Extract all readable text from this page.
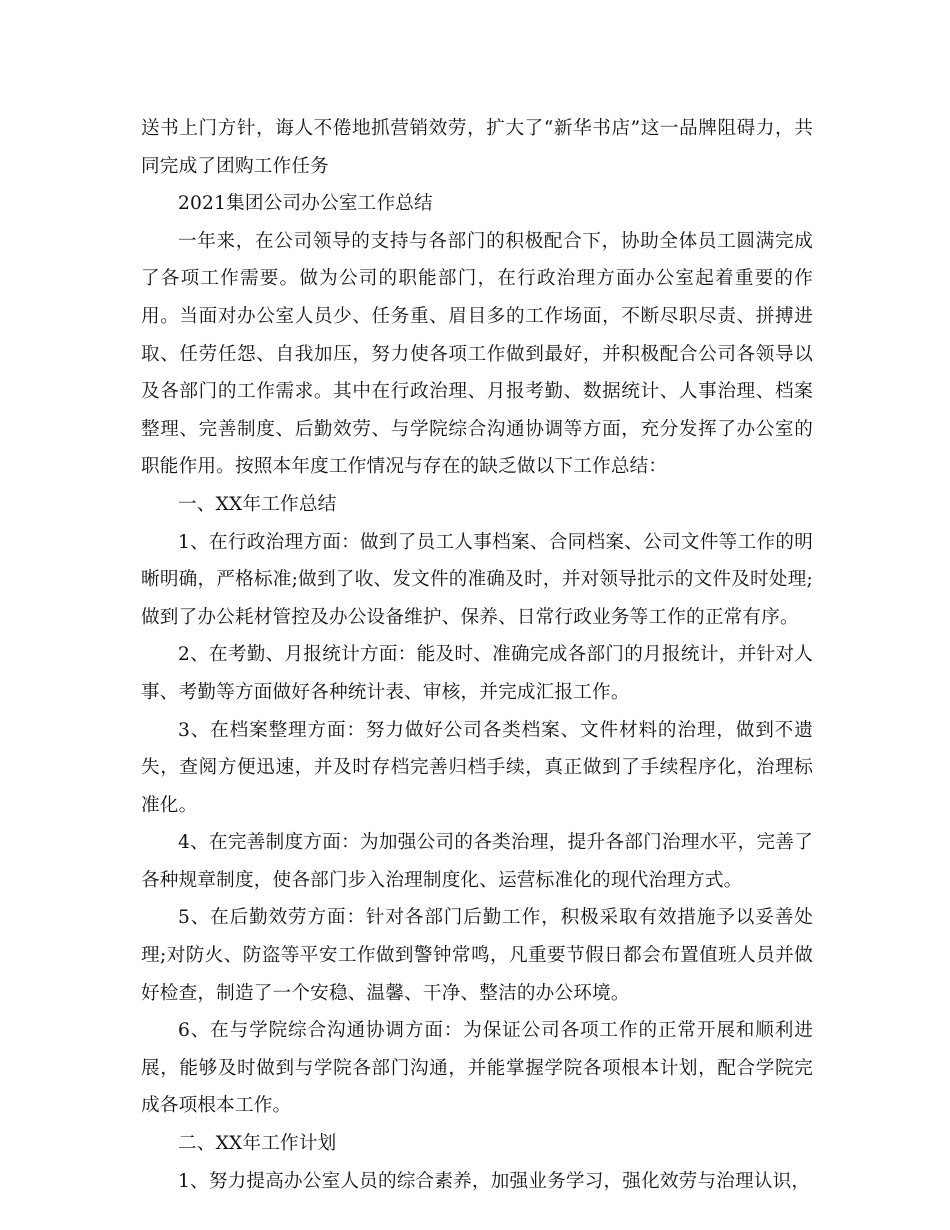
送书上门方针，诲人不倦地抓营销效劳，扩大了“新华书店”这一品牌阻碍力，共同完成了团购工作任务

2021集团公司办公室工作总结

一年来，在公司领导的支持与各部门的积极配合下，协助全体员工圆满完成了各项工作需要。做为公司的职能部门，在行政治理方面办公室起着重要的作用。当面对办公室人员少、任务重、眉目多的工作场面，不断尽职尽责、拼搏进取、任劳任怨、自我加压，努力使各项工作做到最好，并积极配合公司各领导以及各部门的工作需求。其中在行政治理、月报考勤、数据统计、人事治理、档案整理、完善制度、后勤效劳、与学院综合沟通协调等方面，充分发挥了办公室的职能作用。按照本年度工作情况与存在的缺乏做以下工作总结：

一、XX年工作总结

1、在行政治理方面：做到了员工人事档案、合同档案、公司文件等工作的明晰明确，严格标准;做到了收、发文件的准确及时，并对领导批示的文件及时处理;做到了办公耗材管控及办公设备维护、保养、日常行政业务等工作的正常有序。

2、在考勤、月报统计方面：能及时、准确完成各部门的月报统计，并针对人事、考勤等方面做好各种统计表、审核，并完成汇报工作。

3、在档案整理方面：努力做好公司各类档案、文件材料的治理，做到不遗失，查阅方便迅速，并及时存档完善归档手续，真正做到了手续程序化，治理标准化。

4、在完善制度方面：为加强公司的各类治理，提升各部门治理水平，完善了各种规章制度，使各部门步入治理制度化、运营标准化的现代治理方式。

5、在后勤效劳方面：针对各部门后勤工作，积极采取有效措施予以妥善处理;对防火、防盗等平安工作做到警钟常鸣，凡重要节假日都会布置值班人员并做好检查，制造了一个安稳、温馨、干净、整洁的办公环境。

6、在与学院综合沟通协调方面：为保证公司各项工作的正常开展和顺利进展，能够及时做到与学院各部门沟通，并能掌握学院各项根本计划，配合学院完成各项根本工作。

二、XX年工作计划

1、努力提高办公室人员的综合素养，加强业务学习，强化效劳与治理认识，
